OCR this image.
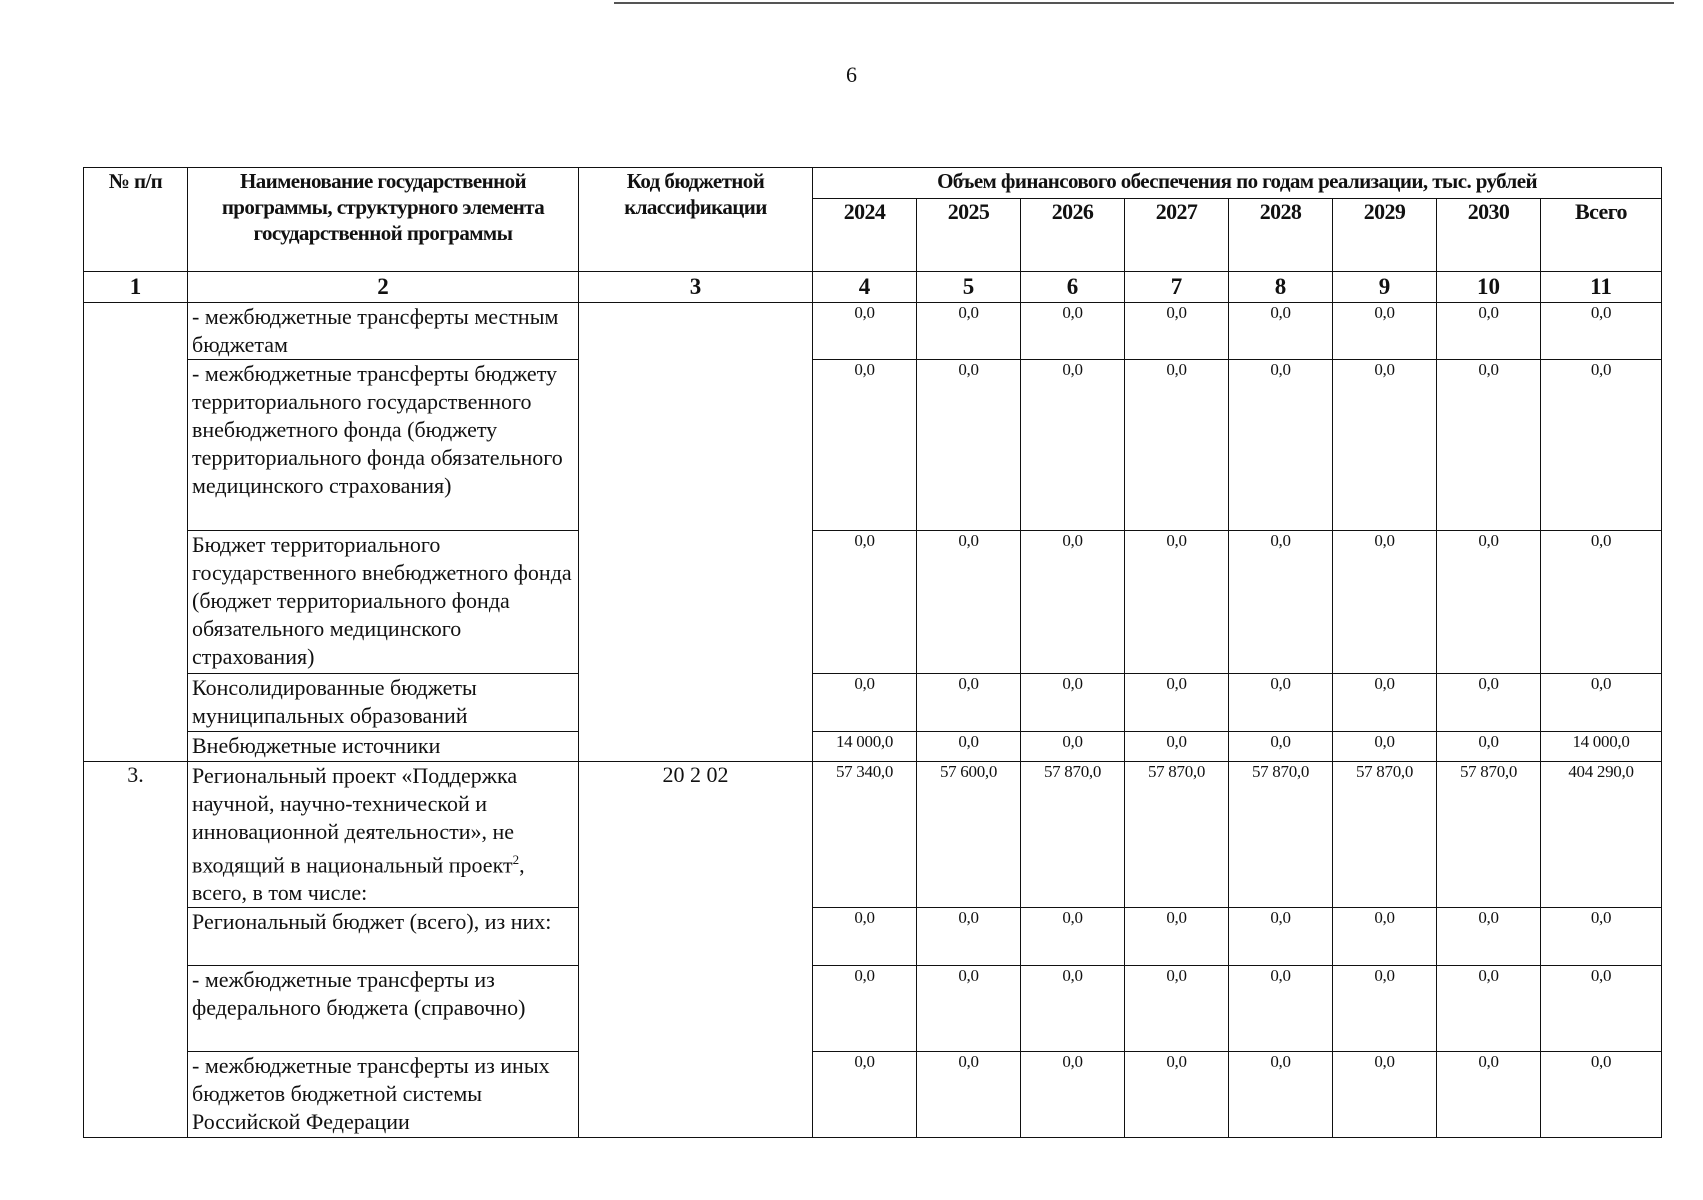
6
№ п/п	Наименование государственной программы, структурного элемента государственной программы	Код бюджетной классификации	Объем финансового обеспечения по годам реализации, тыс. рублей							
			2024	2025	2026	2027	2028	2029	2030	Всего
1	2	3	4	5	6	7	8	9	10	11
	- межбюджетные трансферты местным бюджетам		0,0	0,0	0,0	0,0	0,0	0,0	0,0	0,0
	- межбюджетные трансферты бюджету территориального государственного внебюджетного фонда (бюджету территориального фонда обязательного медицинского страхования)		0,0	0,0	0,0	0,0	0,0	0,0	0,0	0,0
	Бюджет территориального государственного внебюджетного фонда (бюджет территориального фонда обязательного медицинского страхования)		0,0	0,0	0,0	0,0	0,0	0,0	0,0	0,0
	Консолидированные бюджеты муниципальных образований		0,0	0,0	0,0	0,0	0,0	0,0	0,0	0,0
	Внебюджетные источники		14 000,0	0,0	0,0	0,0	0,0	0,0	0,0	14 000,0
3.	Региональный проект «Поддержка научной, научно-технической и инновационной деятельности», не входящий в национальный проект$^2$, всего, в том числе:	20 2 02	57 340,0	57 600,0	57 870,0	57 870,0	57 870,0	57 870,0	57 870,0	404 290,0
	Региональный бюджет (всего), из них:		0,0	0,0	0,0	0,0	0,0	0,0	0,0	0,0
	- межбюджетные трансферты из федерального бюджета (справочно)		0,0	0,0	0,0	0,0	0,0	0,0	0,0	0,0
	- межбюджетные трансферты из иных бюджетов бюджетной системы Российской Федерации		0,0	0,0	0,0	0,0	0,0	0,0	0,0	0,0
